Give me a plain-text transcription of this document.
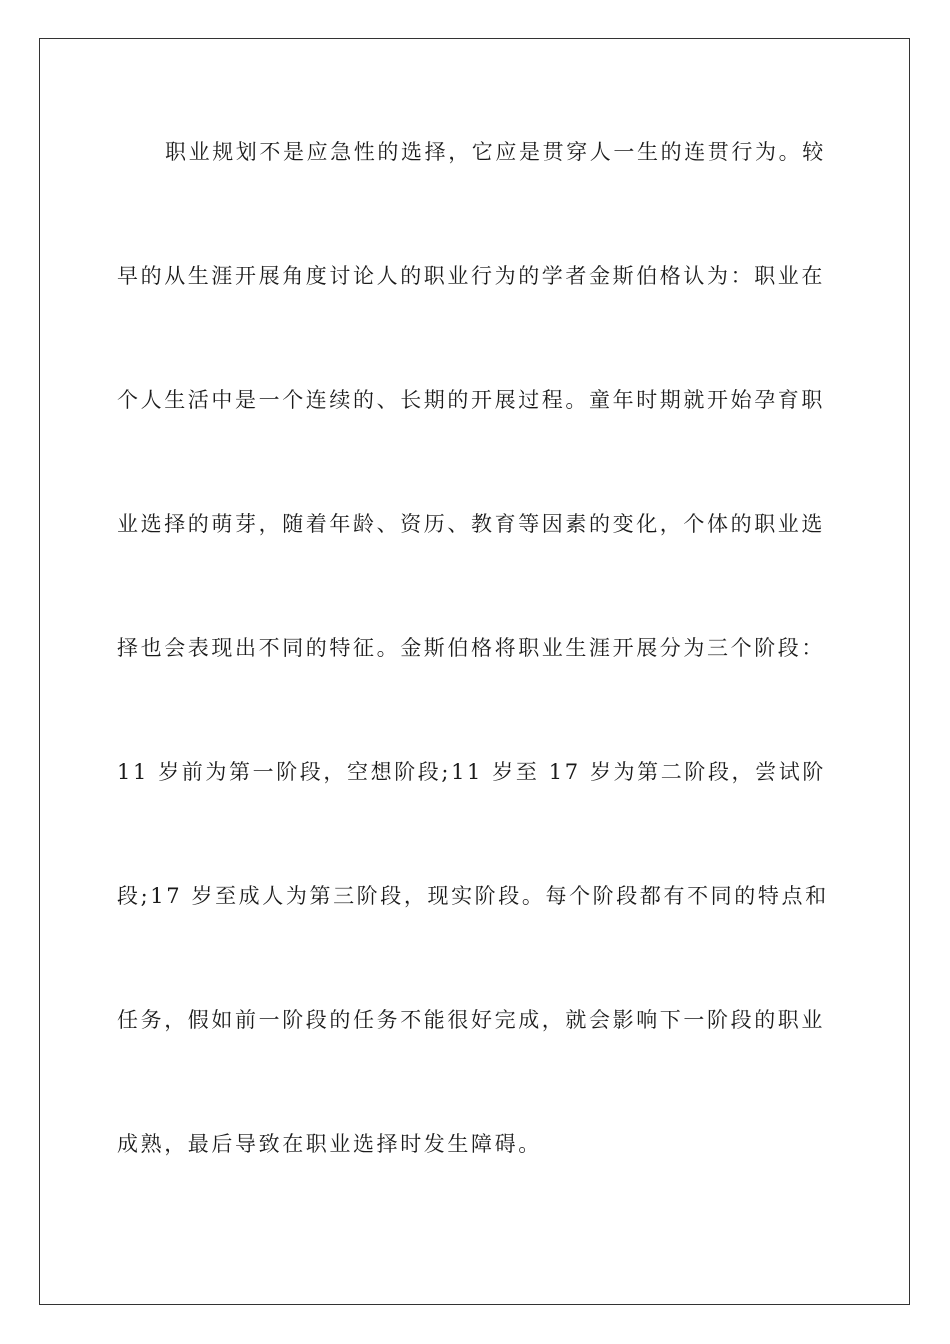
职业规划不是应急性的选择，它应是贯穿人一生的连贯行为。较
早的从生涯开展角度讨论人的职业行为的学者金斯伯格认为：职业在
个人生活中是一个连续的、长期的开展过程。童年时期就开始孕育职
业选择的萌芽，随着年龄、资历、教育等因素的变化，个体的职业选
择也会表现出不同的特征。金斯伯格将职业生涯开展分为三个阶段：
11 岁前为第一阶段，空想阶段;11 岁至 17 岁为第二阶段，尝试阶
段;17 岁至成人为第三阶段，现实阶段。每个阶段都有不同的特点和
任务，假如前一阶段的任务不能很好完成，就会影响下一阶段的职业
成熟，最后导致在职业选择时发生障碍。
